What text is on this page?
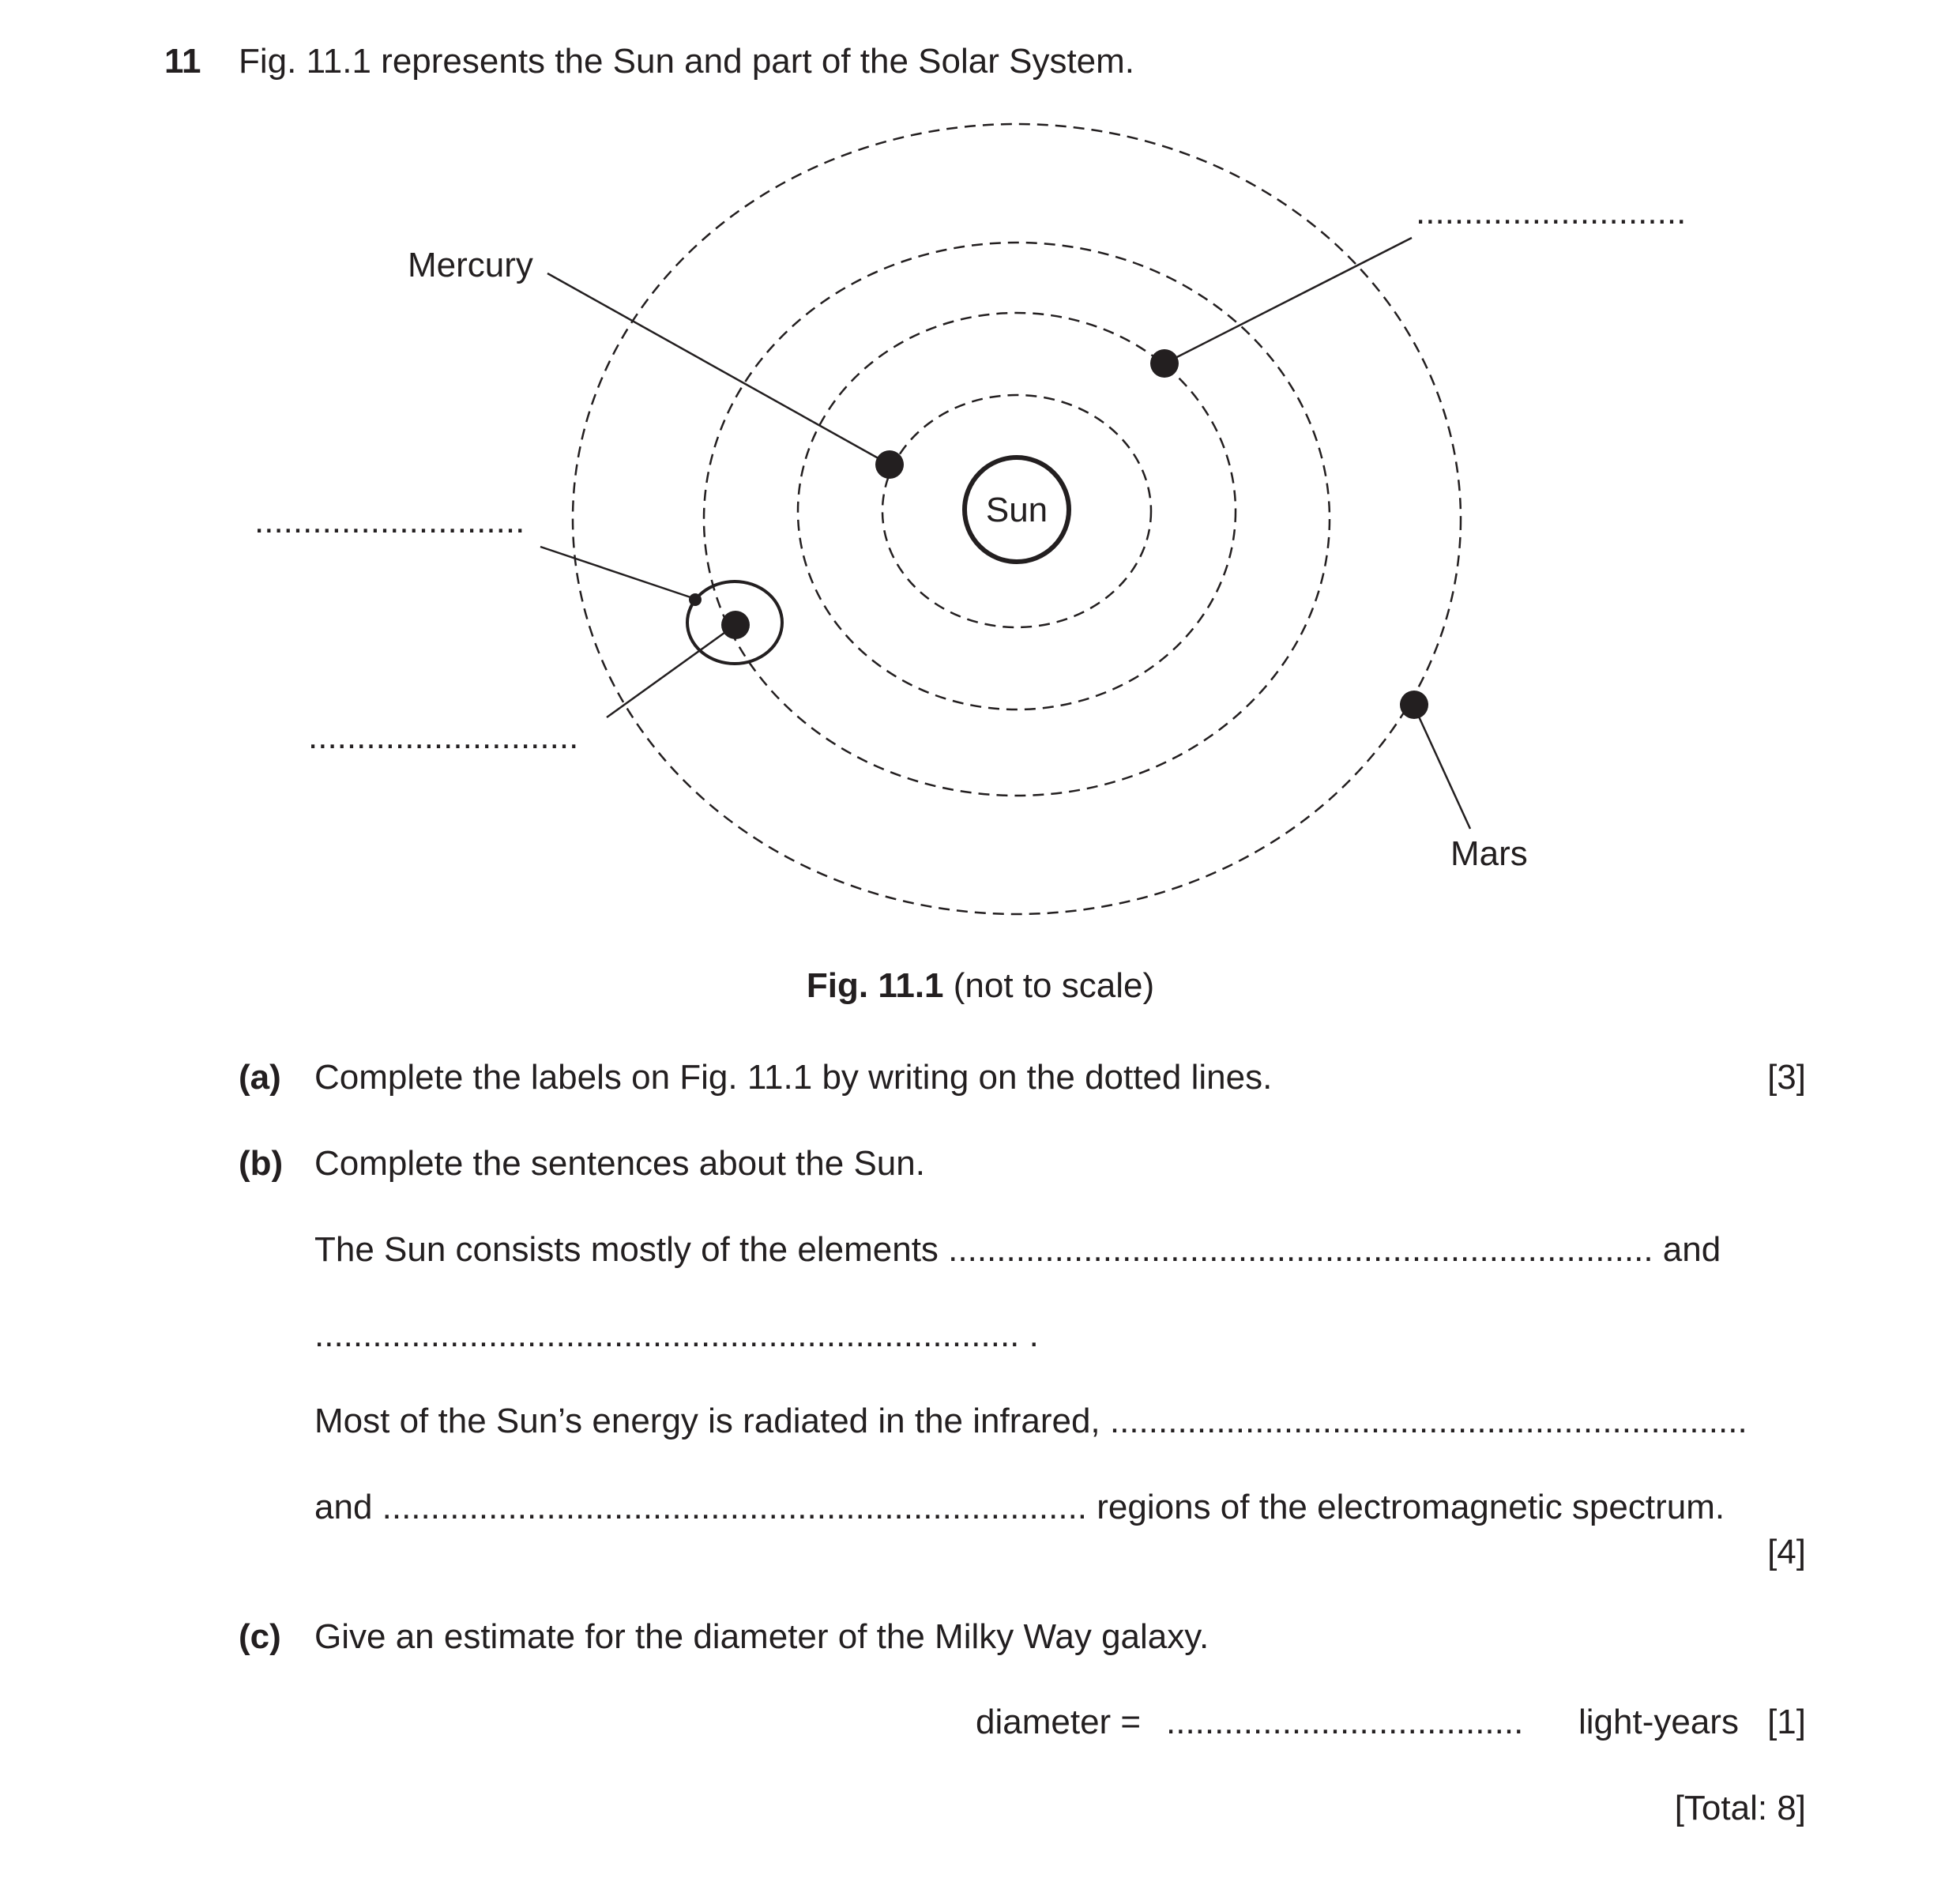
11 Fig. 11.1 represents the Sun and part of the Solar System.
Sun
Mercury
Mars
............................
............................
............................
Fig. 11.1 (not to scale)
(a) Complete the labels on Fig. 11.1 by writing on the dotted lines.	[3]
(b) Complete the sentences about the Sun.
The Sun consists mostly of the elements ......................................................................... and
......................................................................... .
Most of the Sun’s energy is radiated in the infrared, ..................................................................
and ......................................................................... regions of the electromagnetic spectrum.
[4]
(c) Give an estimate for the diameter of the Milky Way galaxy.
diameter = ..................................... light-years [1]
[Total: 8]
